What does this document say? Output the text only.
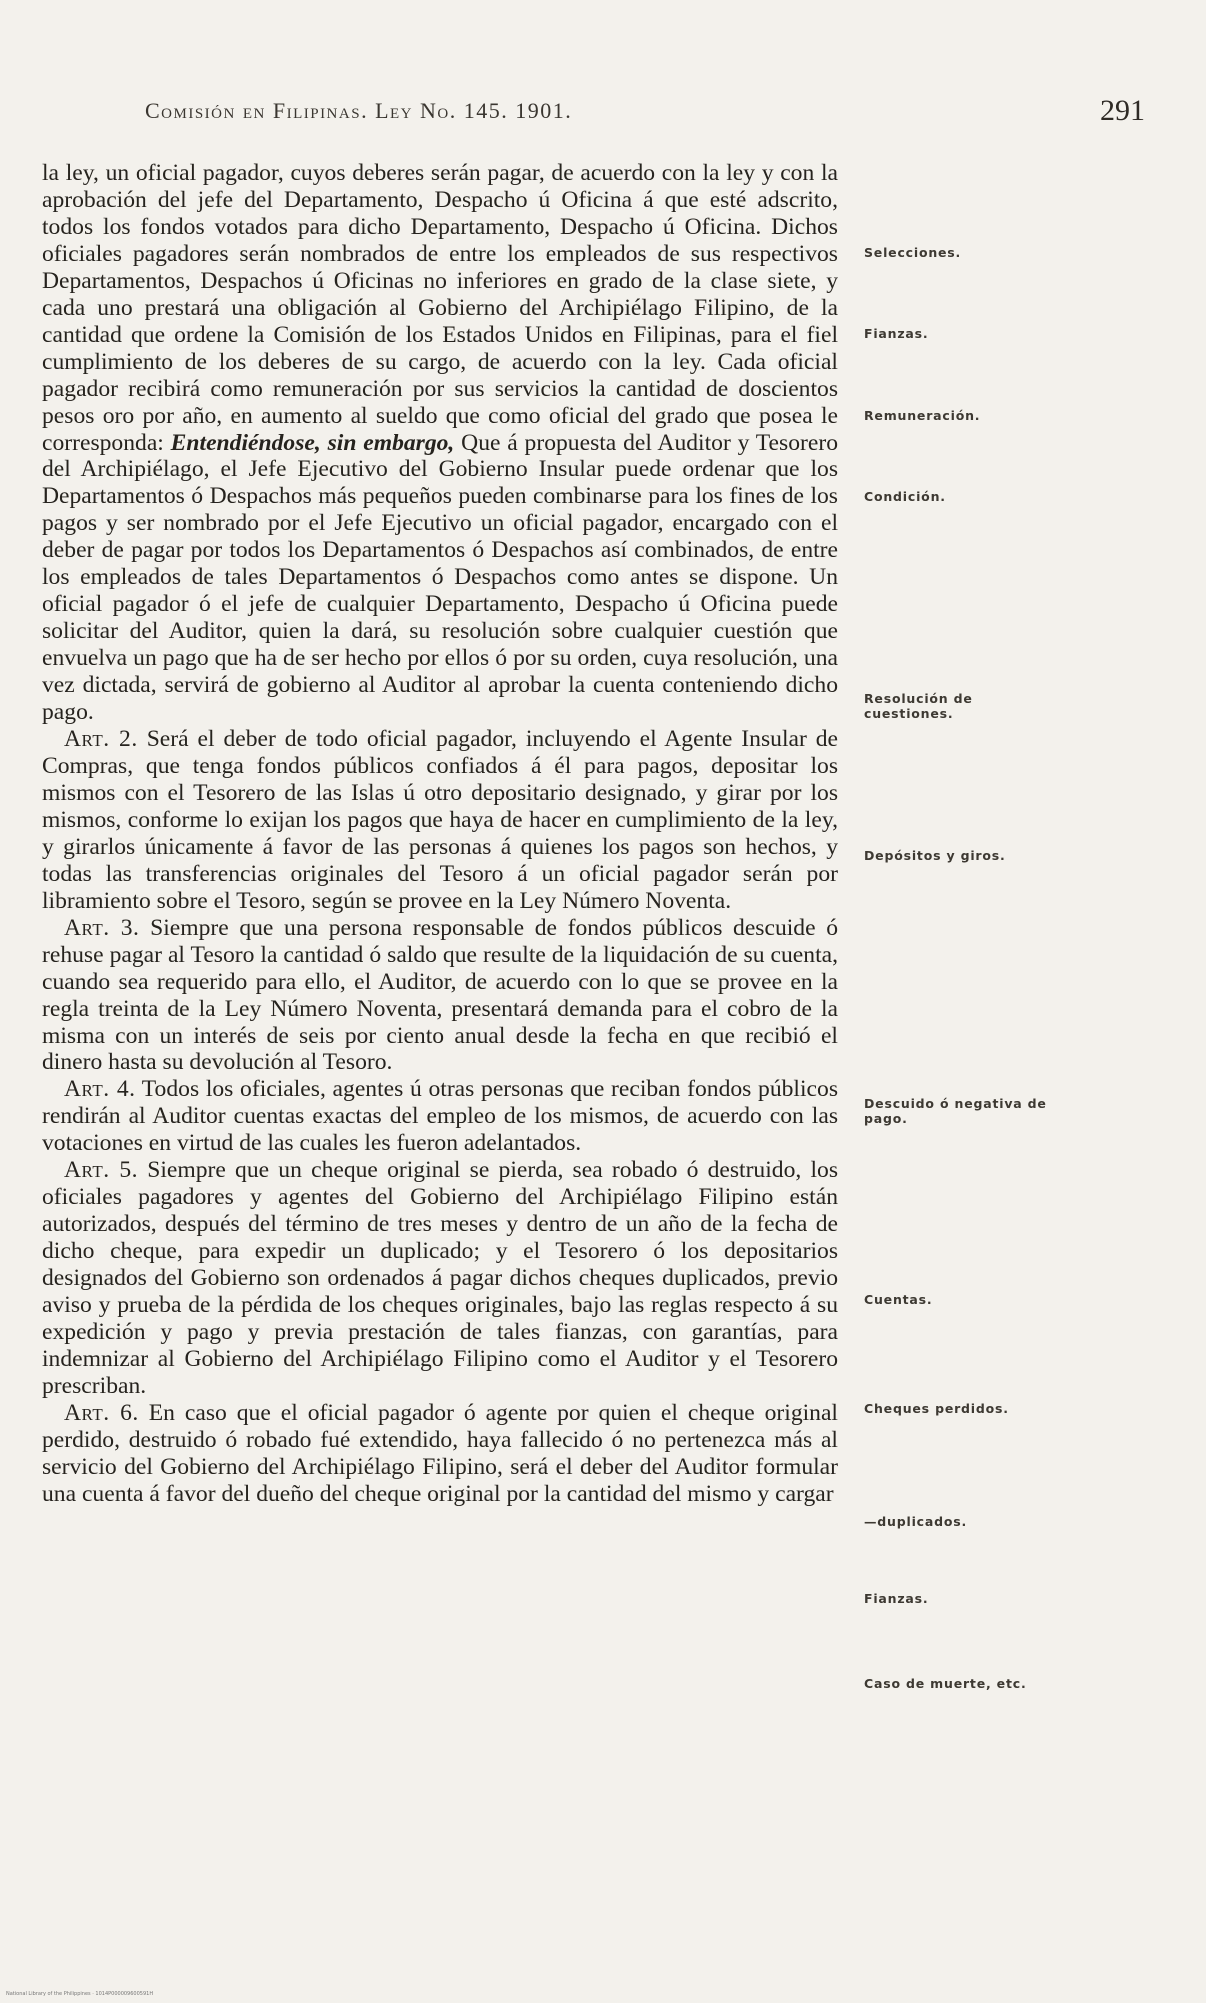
Comisión en Filipinas. Ley No. 145. 1901.	291

la ley, un oficial pagador, cuyos deberes serán pagar, de acuerdo con la ley y con la aprobación del jefe del Departamento, Despacho ú Oficina á que esté adscrito, todos los fondos votados para dicho Departamento, Despacho ú Oficina. Dichos oficiales pagadores serán nombrados de entre los empleados de sus respectivos Departamentos, Despachos ú Oficinas no inferiores en grado de la clase siete, y cada uno prestará una obligación al Gobierno del Archipiélago Filipino, de la cantidad que ordene la Comisión de los Estados Unidos en Filipinas, para el fiel cumplimiento de los deberes de su cargo, de acuerdo con la ley. Cada oficial pagador recibirá como remuneración por sus servicios la cantidad de doscientos pesos oro por año, en aumento al sueldo que como oficial del grado que posea le corresponda: Entendiéndose, sin embargo, Que á propuesta del Auditor y Tesorero del Archipiélago, el Jefe Ejecutivo del Gobierno Insular puede ordenar que los Departamentos ó Despachos más pequeños pueden combinarse para los fines de los pagos y ser nombrado por el Jefe Ejecutivo un oficial pagador, encargado con el deber de pagar por todos los Departamentos ó Despachos así combinados, de entre los empleados de tales Departamentos ó Despachos como antes se dispone. Un oficial pagador ó el jefe de cualquier Departamento, Despacho ú Oficina puede solicitar del Auditor, quien la dará, su resolución sobre cualquier cuestión que envuelva un pago que ha de ser hecho por ellos ó por su orden, cuya resolución, una vez dictada, servirá de gobierno al Auditor al aprobar la cuenta conteniendo dicho pago.

Art. 2. Será el deber de todo oficial pagador, incluyendo el Agente Insular de Compras, que tenga fondos públicos confiados á él para pagos, depositar los mismos con el Tesorero de las Islas ú otro depositario designado, y girar por los mismos, conforme lo exijan los pagos que haya de hacer en cumplimiento de la ley, y girarlos únicamente á favor de las personas á quienes los pagos son hechos, y todas las transferencias originales del Tesoro á un oficial pagador serán por libramiento sobre el Tesoro, según se provee en la Ley Número Noventa.

Art. 3. Siempre que una persona responsable de fondos públicos descuide ó rehuse pagar al Tesoro la cantidad ó saldo que resulte de la liquidación de su cuenta, cuando sea requerido para ello, el Auditor, de acuerdo con lo que se provee en la regla treinta de la Ley Número Noventa, presentará demanda para el cobro de la misma con un interés de seis por ciento anual desde la fecha en que recibió el dinero hasta su devolución al Tesoro.

Art. 4. Todos los oficiales, agentes ú otras personas que reciban fondos públicos rendirán al Auditor cuentas exactas del empleo de los mismos, de acuerdo con las votaciones en virtud de las cuales les fueron adelantados.

Art. 5. Siempre que un cheque original se pierda, sea robado ó destruido, los oficiales pagadores y agentes del Gobierno del Archipiélago Filipino están autorizados, después del término de tres meses y dentro de un año de la fecha de dicho cheque, para expedir un duplicado; y el Tesorero ó los depositarios designados del Gobierno son ordenados á pagar dichos cheques duplicados, previo aviso y prueba de la pérdida de los cheques originales, bajo las reglas respecto á su expedición y pago y previa prestación de tales fianzas, con garantías, para indemnizar al Gobierno del Archipiélago Filipino como el Auditor y el Tesorero prescriban.

Art. 6. En caso que el oficial pagador ó agente por quien el cheque original perdido, destruido ó robado fué extendido, haya fallecido ó no pertenezca más al servicio del Gobierno del Archipiélago Filipino, será el deber del Auditor formular una cuenta á favor del dueño del cheque original por la cantidad del mismo y cargar

Selecciones.
Fianzas.
Remuneración.
Condición.
Resolución de cuestiones.
Depósitos y giros.
Descuido ó negativa de pago.
Cuentas.
Cheques perdidos.
—duplicados.
Fianzas.
Caso de muerte, etc.
National Library of the Philippines · 1014P000009600591H
